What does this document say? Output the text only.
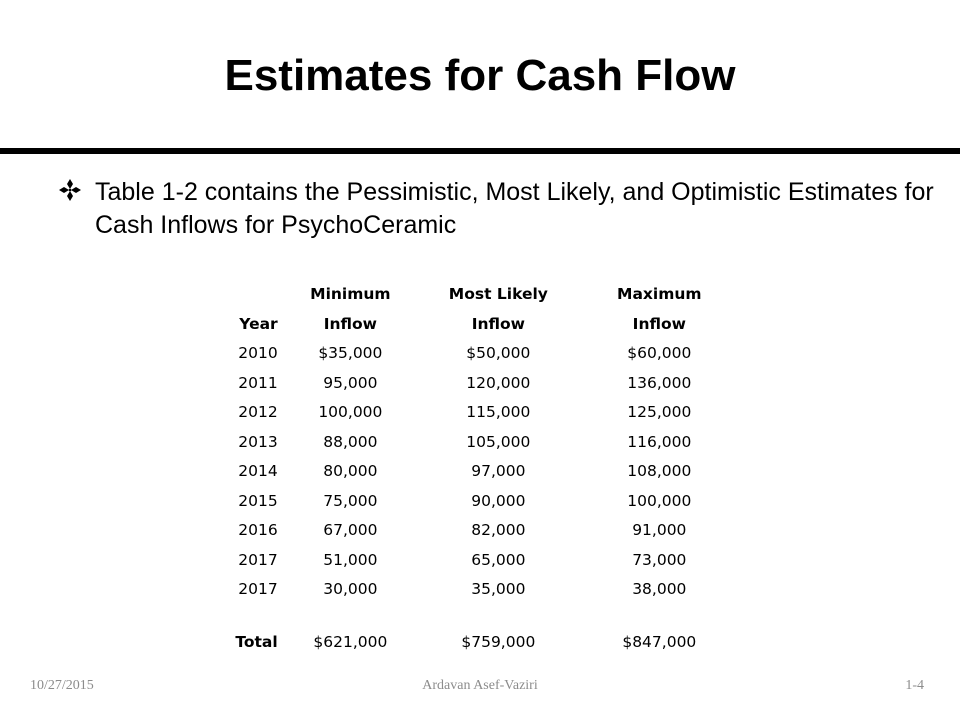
Estimates for Cash Flow
Table 1-2 contains the Pessimistic, Most Likely, and Optimistic Estimates for Cash Inflows for PsychoCeramic
	Minimum	Most Likely	Maximum
Year	Inflow	Inflow	Inflow
2010	$35,000	$50,000	$60,000
2011	95,000	120,000	136,000
2012	100,000	115,000	125,000
2013	88,000	105,000	116,000
2014	80,000	97,000	108,000
2015	75,000	90,000	100,000
2016	67,000	82,000	91,000
2017	51,000	65,000	73,000
2017	30,000	35,000	38,000

Total	$621,000	$759,000	$847,000
10/27/2015	Ardavan Asef-Vaziri	1-4
